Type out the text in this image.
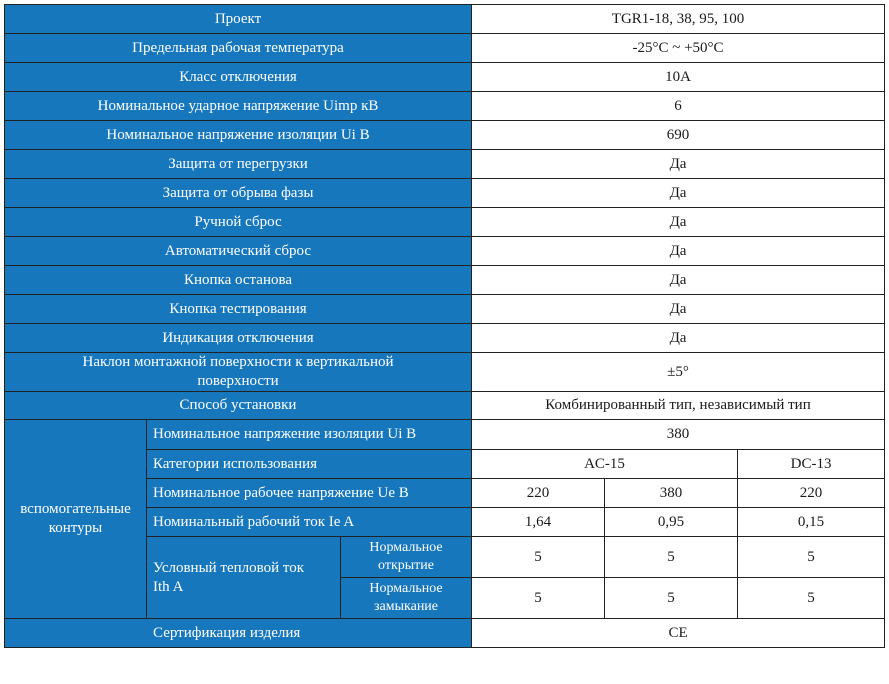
Проект			TGR1-18, 38, 95, 100		
Предельная рабочая температура			-25°C ~ +50°C		
Класс отключения			10A		
Номинальное ударное напряжение Uimp кВ			6		
Номинальное напряжение изоляции Ui В			690		
Защита от перегрузки			Да		
Защита от обрыва фазы			Да		
Ручной сброс			Да		
Автоматический сброс			Да		
Кнопка останова			Да		
Кнопка тестирования			Да		
Индикация отключения			Да		
Наклон монтажной поверхности к вертикальной поверхности			±5°		
Способ установки			Комбинированный тип, независимый тип		
вспомогательные контуры	Номинальное напряжение изоляции Ui В		380		
	Категории использования		AC-15		DC-13
	Номинальное рабочее напряжение Ue В		220	380	220
	Номинальный рабочий ток Ie A		1,64	0,95	0,15
	Условный тепловой ток Ith A	Нормальное открытие	5	5	5
		Нормальное замыкание	5	5	5
	Сертификация изделия		CE		
